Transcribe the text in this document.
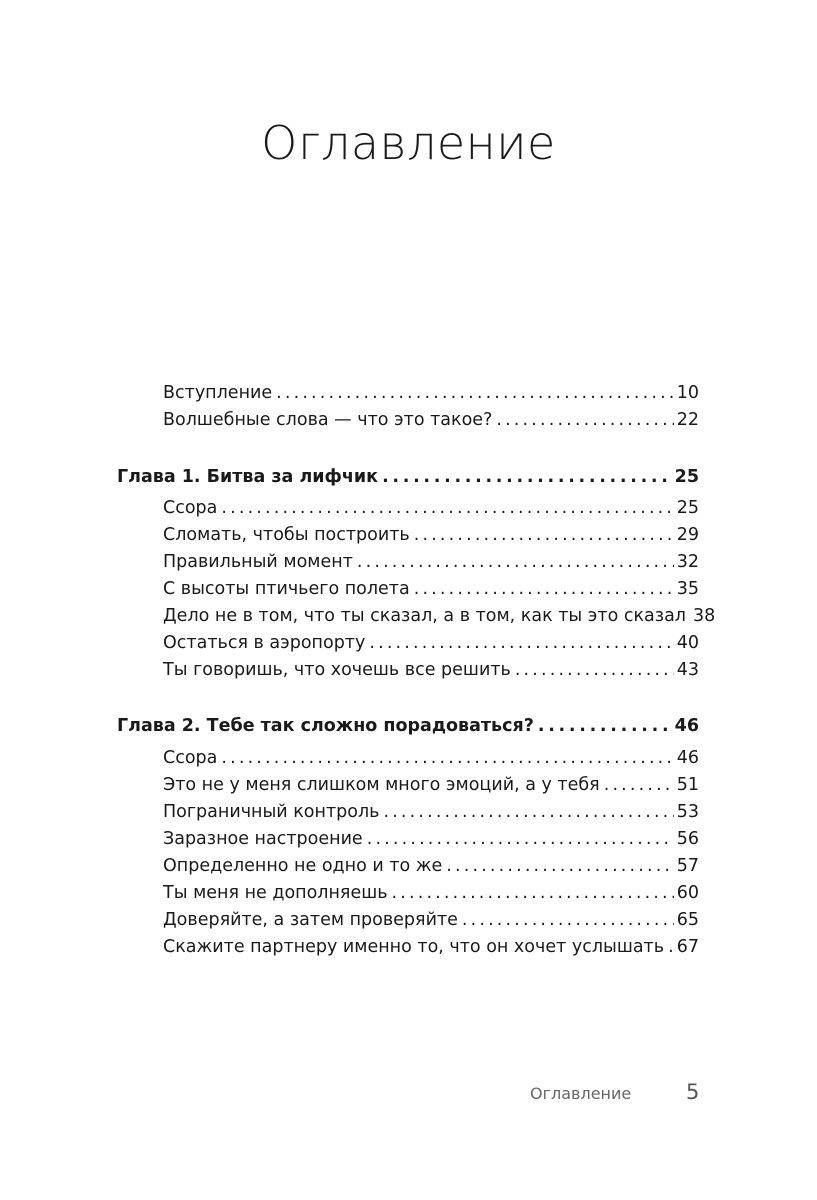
Оглавление
Вступление . . .	10
Волшебные слова — что это такое? . . .	22
Глава 1. Битва за лифчик . . .	25
Ссора . . .	25
Сломать, чтобы построить . . .	29
Правильный момент . . .	32
С высоты птичьего полета . . .	35
Дело не в том, что ты сказал, а в том, как ты это сказал 38
Остаться в аэропорту . . .	40
Ты говоришь, что хочешь все решить . . .	43
Глава 2. Тебе так сложно порадоваться? . . .	46
Ссора . . .	46
Это не у меня слишком много эмоций, а у тебя . . .	51
Пограничный контроль . . .	53
Заразное настроение . . .	56
Определенно не одно и то же . . .	57
Ты меня не дополняешь . . .	60
Доверяйте, а затем проверяйте . . .	65
Скажите партнеру именно то, что он хочет услышать . . . 67
Оглавление	5
